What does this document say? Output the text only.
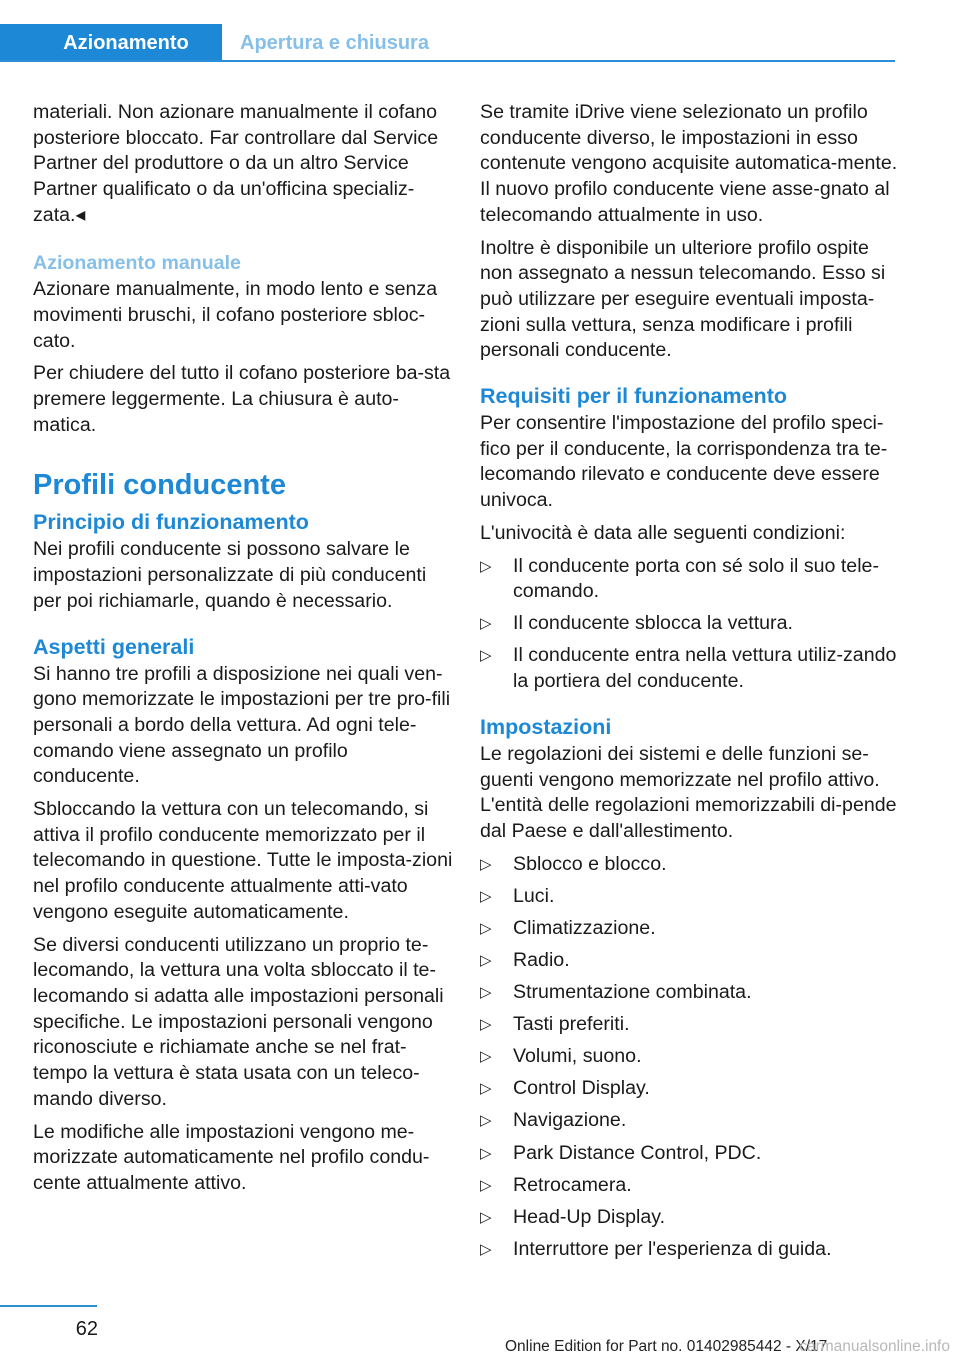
Azionamento	Apertura e chiusura

materiali. Non azionare manualmente il cofano posteriore bloccato. Far controllare dal Service Partner del produttore o da un altro Service Partner qualificato o da un'officina specializ-zata.◂

Azionamento manuale

Azionare manualmente, in modo lento e senza movimenti bruschi, il cofano posteriore sbloc-cato.

Per chiudere del tutto il cofano posteriore ba-sta premere leggermente. La chiusura è auto-matica.

Profili conducente
Principio di funzionamento

Nei profili conducente si possono salvare le impostazioni personalizzate di più conducenti per poi richiamarle, quando è necessario.

Aspetti generali

Si hanno tre profili a disposizione nei quali ven-gono memorizzate le impostazioni per tre pro-fili personali a bordo della vettura. Ad ogni tele-comando viene assegnato un profilo conducente.

Sbloccando la vettura con un telecomando, si attiva il profilo conducente memorizzato per il telecomando in questione. Tutte le imposta-zioni nel profilo conducente attualmente atti-vato vengono eseguite automaticamente.

Se diversi conducenti utilizzano un proprio te-lecomando, la vettura una volta sbloccato il te-lecomando si adatta alle impostazioni personali specifiche. Le impostazioni personali vengono riconosciute e richiamate anche se nel frat-tempo la vettura è stata usata con un teleco-mando diverso.

Le modifiche alle impostazioni vengono me-morizzate automaticamente nel profilo condu-cente attualmente attivo.

Se tramite iDrive viene selezionato un profilo conducente diverso, le impostazioni in esso contenute vengono acquisite automatica-mente. Il nuovo profilo conducente viene asse-gnato al telecomando attualmente in uso.

Inoltre è disponibile un ulteriore profilo ospite non assegnato a nessun telecomando. Esso si può utilizzare per eseguire eventuali imposta-zioni sulla vettura, senza modificare i profili personali conducente.

Requisiti per il funzionamento

Per consentire l'impostazione del profilo speci-fico per il conducente, la corrispondenza tra te-lecomando rilevato e conducente deve essere univoca.

L'univocità è data alle seguenti condizioni:

▷ Il conducente porta con sé solo il suo tele-comando.
▷ Il conducente sblocca la vettura.
▷ Il conducente entra nella vettura utiliz-zando la portiera del conducente.
Impostazioni

Le regolazioni dei sistemi e delle funzioni se-guenti vengono memorizzate nel profilo attivo. L'entità delle regolazioni memorizzabili di-pende dal Paese e dall'allestimento.

▷ Sblocco e blocco.
▷ Luci.
▷ Climatizzazione.
▷ Radio.
▷ Strumentazione combinata.
▷ Tasti preferiti.
▷ Volumi, suono.
▷ Control Display.
▷ Navigazione.
▷ Park Distance Control, PDC.
▷ Retrocamera.
▷ Head-Up Display.
▷ Interruttore per l'esperienza di guida.
62
Online Edition for Part no. 01402985442 - X/17
carmanualsonline.info
